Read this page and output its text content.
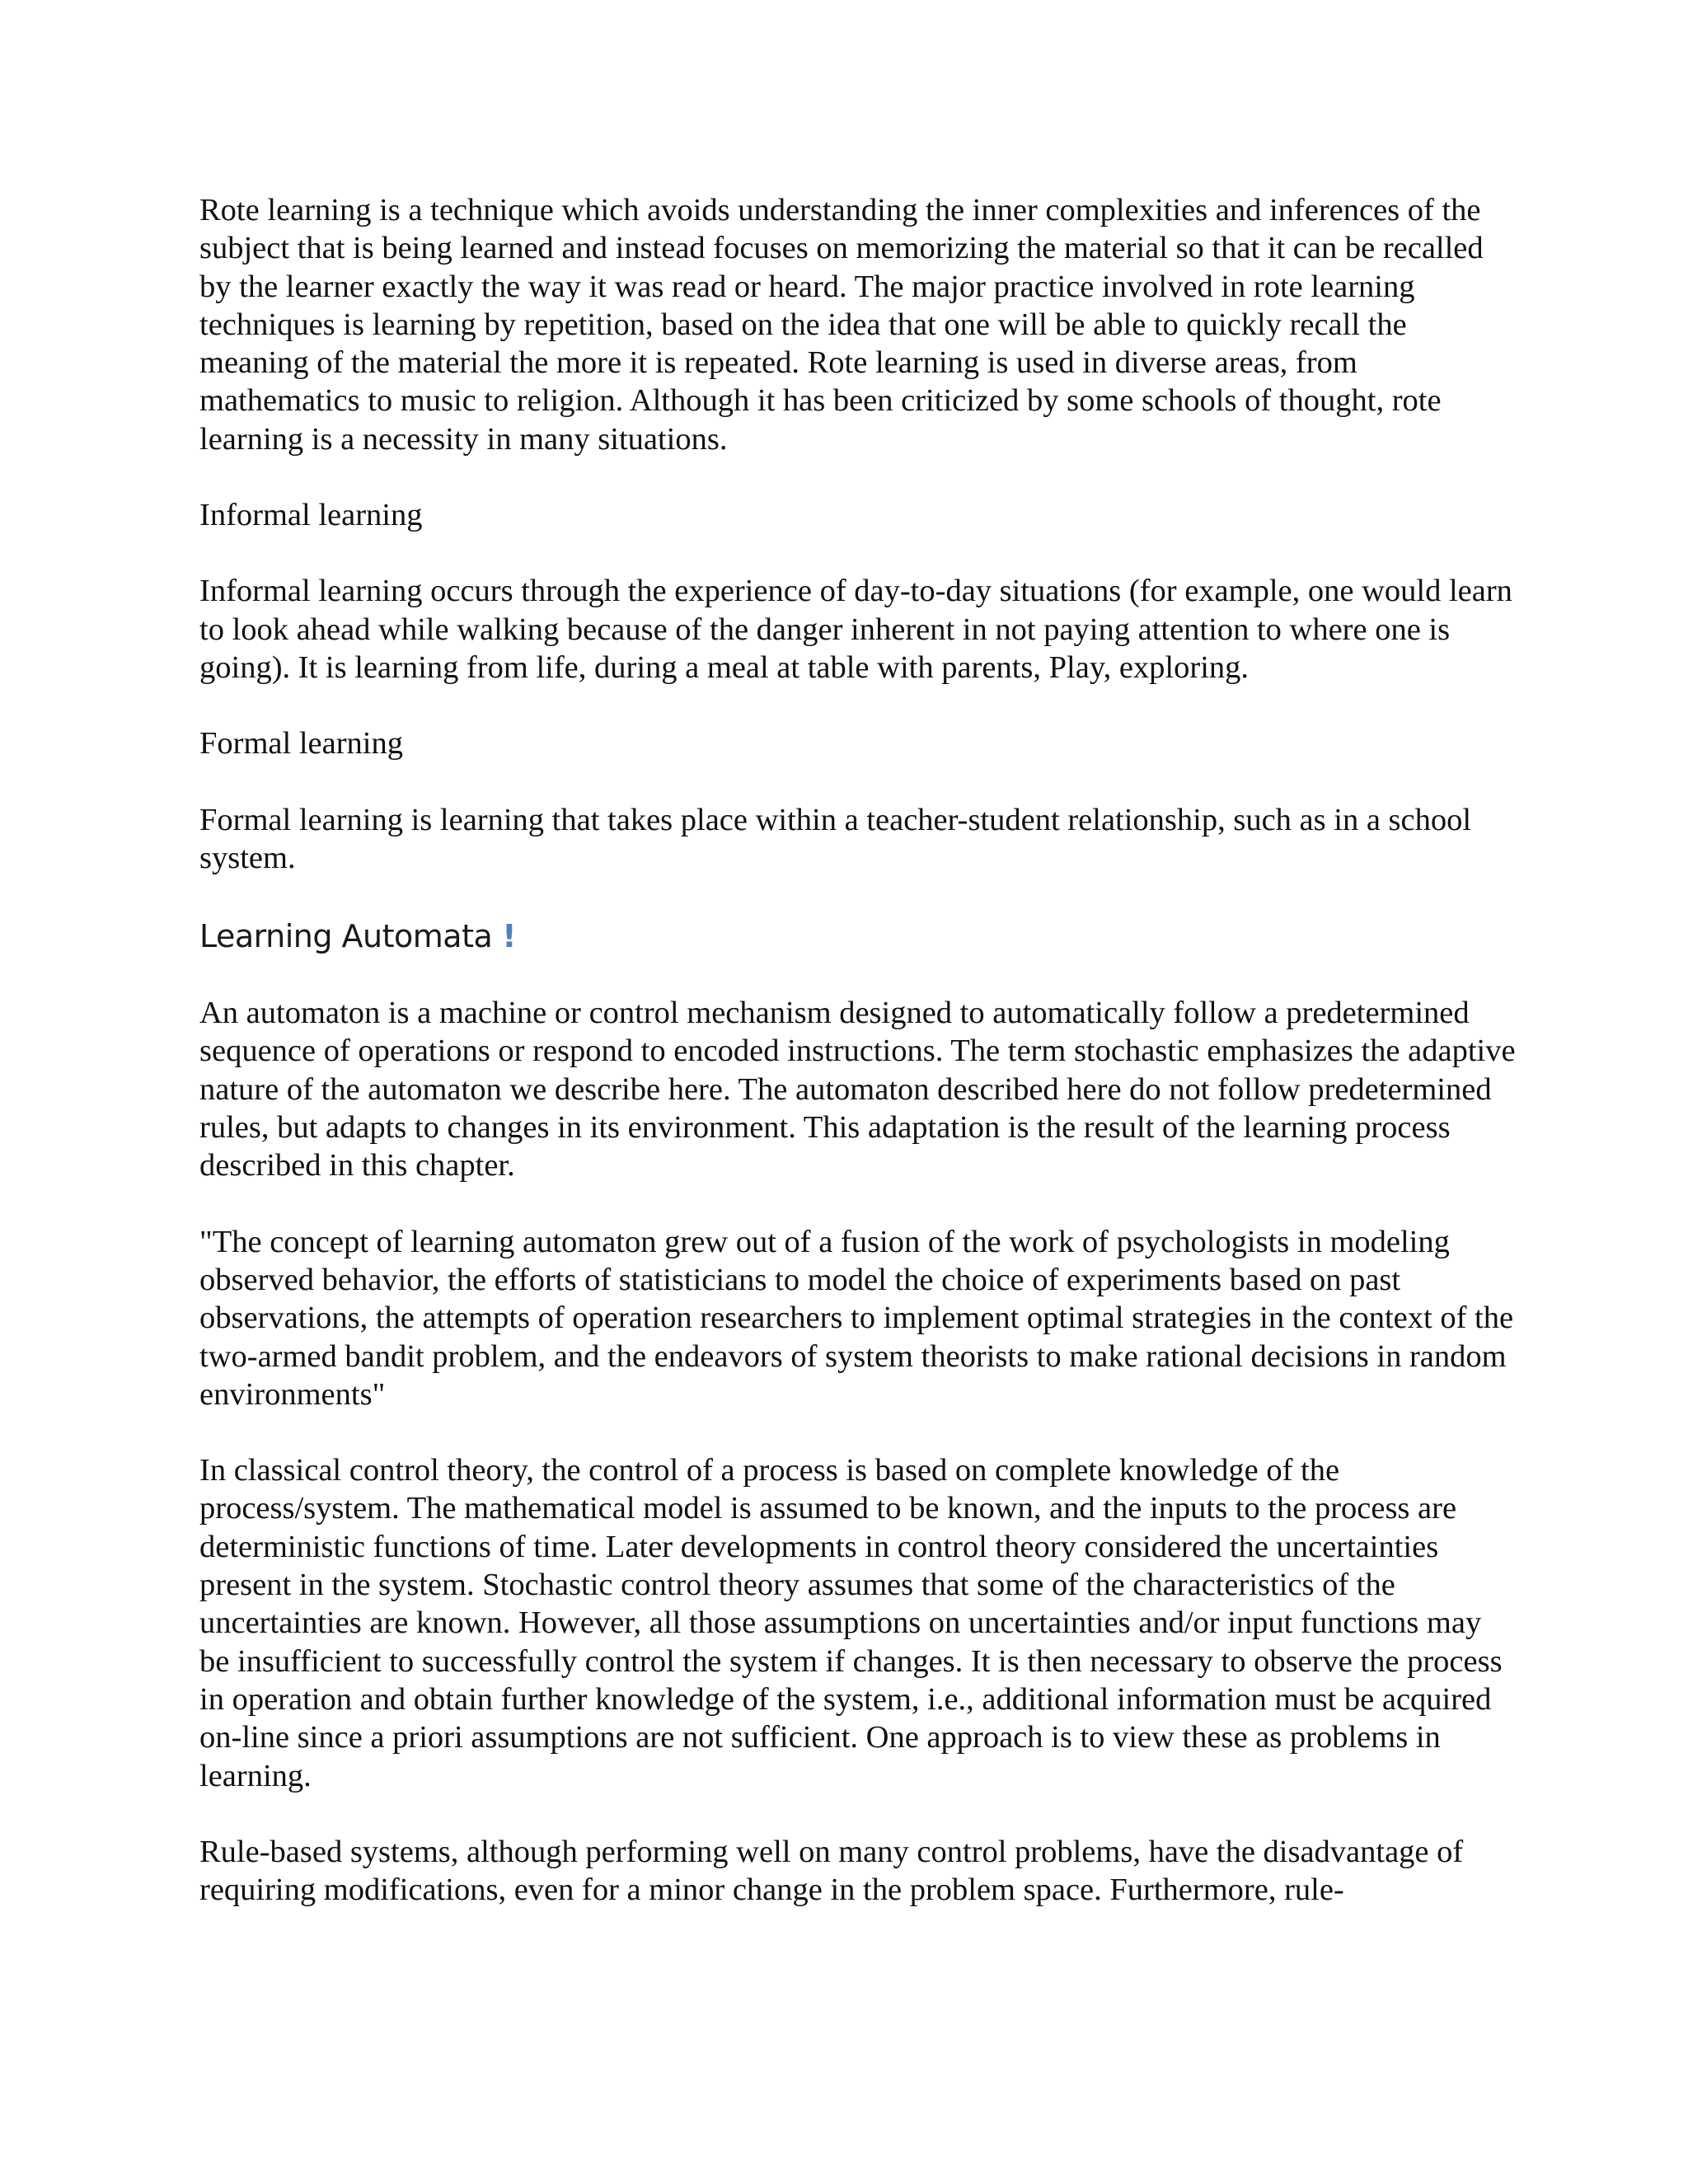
Rote learning is a technique which avoids understanding the inner complexities and inferences of the subject that is being learned and instead focuses on memorizing the material so that it can be recalled by the learner exactly the way it was read or heard. The major practice involved in rote learning techniques is learning by repetition, based on the idea that one will be able to quickly recall the meaning of the material the more it is repeated. Rote learning is used in diverse areas, from mathematics to music to religion. Although it has been criticized by some schools of thought, rote learning is a necessity in many situations.

Informal learning

Informal learning occurs through the experience of day-to-day situations (for example, one would learn to look ahead while walking because of the danger inherent in not paying attention to where one is going). It is learning from life, during a meal at table with parents, Play, exploring.

Formal learning

Formal learning is learning that takes place within a teacher-student relationship, such as in a school system.

Learning Automata !

An automaton is a machine or control mechanism designed to automatically follow a predetermined sequence of operations or respond to encoded instructions. The term stochastic emphasizes the adaptive nature of the automaton we describe here. The automaton described here do not follow predetermined rules, but adapts to changes in its environment. This adaptation is the result of the learning process described in this chapter.

"The concept of learning automaton grew out of a fusion of the work of psychologists in modeling observed behavior, the efforts of statisticians to model the choice of experiments based on past observations, the attempts of operation researchers to implement optimal strategies in the context of the two-armed bandit problem, and the endeavors of system theorists to make rational decisions in random environments"

In classical control theory, the control of a process is based on complete knowledge of the process/system. The mathematical model is assumed to be known, and the inputs to the process are deterministic functions of time. Later developments in control theory considered the uncertainties present in the system. Stochastic control theory assumes that some of the characteristics of the uncertainties are known. However, all those assumptions on uncertainties and/or input functions may be insufficient to successfully control the system if changes. It is then necessary to observe the process in operation and obtain further knowledge of the system, i.e., additional information must be acquired on-line since a priori assumptions are not sufficient. One approach is to view these as problems in learning.

Rule-based systems, although performing well on many control problems, have the disadvantage of requiring modifications, even for a minor change in the problem space. Furthermore, rule-
